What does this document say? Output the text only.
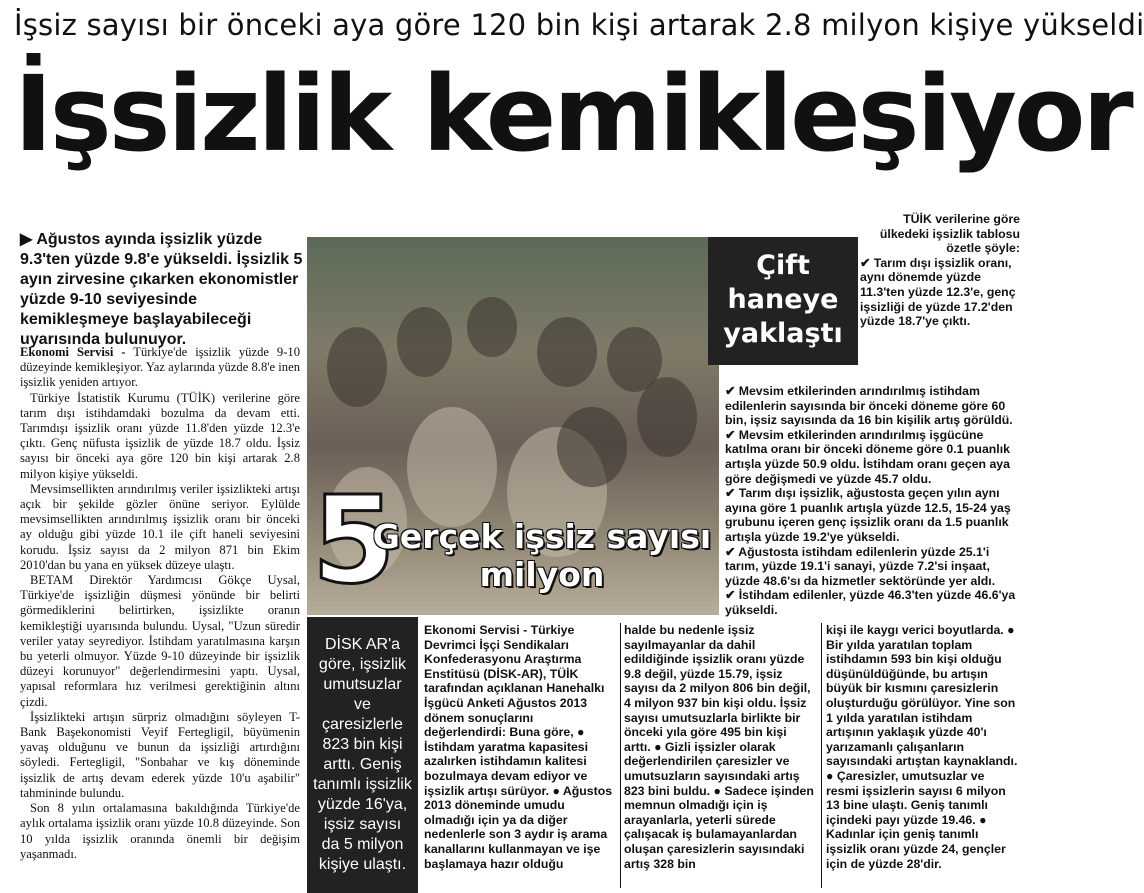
İşsiz sayısı bir önceki aya göre 120 bin kişi artarak 2.8 milyon kişiye yükseldi
İşsizlik kemikleşiyor
▶ Ağustos ayında işsizlik yüzde 9.3'ten yüzde 9.8'e yükseldi. İşsizlik 5 ayın zirvesine çıkarken ekonomistler yüzde 9-10 seviyesinde kemikleşmeye başlayabileceği uyarısında bulunuyor.

Ekonomi Servisi - Türkiye'de işsizlik yüzde 9-10 düzeyinde kemikleşiyor. Yaz aylarında yüzde 8.8'e inen işsizlik yeniden artıyor.

Türkiye İstatistik Kurumu (TÜİK) verilerine göre tarım dışı istihdamdaki bozulma da devam etti. Tarımdışı işsizlik oranı yüzde 11.8'den yüzde 12.3'e çıktı. Genç nüfusta işsizlik de yüzde 18.7 oldu. İşsiz sayısı bir önceki aya göre 120 bin kişi artarak 2.8 milyon kişiye yükseldi.

Mevsimsellikten arındırılmış veriler işsizlikteki artışı açık bir şekilde gözler önüne seriyor. Eylülde mevsimsellikten arındırılmış işsizlik oranı bir önceki ay olduğu gibi yüzde 10.1 ile çift haneli seviyesini korudu. İşsiz sayısı da 2 milyon 871 bin Ekim 2010'dan bu yana en yüksek düzeye ulaştı.

BETAM Direktör Yardımcısı Gökçe Uysal, Türkiye'de işsizliğin düşmesi yönünde bir belirti görmediklerini belirtirken, işsizlikte oranın kemikleştiği uyarısında bulundu. Uysal, "Uzun süredir veriler yatay seyrediyor. İstihdam yaratılmasına karşın bu yeterli olmuyor. Yüzde 9-10 düzeyinde bir işsizlik düzeyi korunuyor" değerlendirmesini yaptı. Uysal, yapısal reformlara hız verilmesi gerektiğinin altını çizdi.

İşsizlikteki artışın sürpriz olmadığını söyleyen T-Bank Başekonomisti Veyif Fertegligil, büyümenin yavaş olduğunu ve bunun da işsizliği artırdığını söyledi. Fertegligil, "Sonbahar ve kış döneminde işsizlik de artış devam ederek yüzde 10'u aşabilir" tahmininde bulundu.

Son 8 yılın ortalamasına bakıldığında Türkiye'de aylık ortalama işsizlik oranı yüzde 10.8 düzeyinde. Son 10 yılda işsizlik oranında önemli bir değişim yaşanmadı.

Çift haneye yaklaştı
5
Gerçek işsiz sayısı milyon

TÜİK verilerine göre ülkedeki işsizlik tablosu özetle şöyle:

✔ Tarım dışı işsizlik oranı, aynı dönemde yüzde 11.3'ten yüzde 12.3'e, genç işsizliği de yüzde 17.2'den yüzde 18.7'ye çıktı.

✔ Mevsim etkilerinden arındırılmış istihdam edilenlerin sayısında bir önceki döneme göre 60 bin, işsiz sayısında da 16 bin kişilik artış görüldü.

✔ Mevsim etkilerinden arındırılmış işgücüne katılma oranı bir önceki döneme göre 0.1 puanlık artışla yüzde 50.9 oldu. İstihdam oranı geçen aya göre değişmedi ve yüzde 45.7 oldu.

✔ Tarım dışı işsizlik, ağustosta geçen yılın aynı ayına göre 1 puanlık artışla yüzde 12.5, 15-24 yaş grubunu içeren genç işsizlik oranı da 1.5 puanlık artışla yüzde 19.2'ye yükseldi.

✔ Ağustosta istihdam edilenlerin yüzde 25.1'i tarım, yüzde 19.1'i sanayi, yüzde 7.2'si inşaat, yüzde 48.6'sı da hizmetler sektöründe yer aldı.

✔ İstihdam edilenler, yüzde 46.3'ten yüzde 46.6'ya yükseldi.

DİSK AR'a göre, işsizlik umutsuzlar ve çaresizlerle 823 bin kişi arttı. Geniş tanımlı işsizlik yüzde 16'ya, işsiz sayısı da 5 milyon kişiye ulaştı.
Ekonomi Servisi - Türkiye Devrimci İşçi Sendikaları Konfederasyonu Araştırma Enstitüsü (DİSK-AR), TÜİK tarafından açıklanan Hanehalkı İşgücü Anketi Ağustos 2013 dönem sonuçlarını değerlendirdi: Buna göre, ● İstihdam yaratma kapasitesi azalırken istihdamın kalitesi bozulmaya devam ediyor ve işsizlik artışı sürüyor. ● Ağustos 2013 döneminde umudu olmadığı için ya da diğer nedenlerle son 3 aydır iş arama kanallarını kullanmayan ve işe başlamaya hazır olduğu
halde bu nedenle işsiz sayılmayanlar da dahil edildiğinde işsizlik oranı yüzde 9.8 değil, yüzde 15.79, işsiz sayısı da 2 milyon 806 bin değil, 4 milyon 937 bin kişi oldu. İşsiz sayısı umutsuzlarla birlikte bir önceki yıla göre 495 bin kişi arttı. ● Gizli işsizler olarak değerlendirilen çaresizler ve umutsuzların sayısındaki artış 823 bini buldu. ● Sadece işinden memnun olmadığı için iş arayanlarla, yeterli sürede çalışacak iş bulamayanlardan oluşan çaresizlerin sayısındaki artış 328 bin
kişi ile kaygı verici boyutlarda. ● Bir yılda yaratılan toplam istihdamın 593 bin kişi olduğu düşünüldüğünde, bu artışın büyük bir kısmını çaresizlerin oluşturduğu görülüyor. Yine son 1 yılda yaratılan istihdam artışının yaklaşık yüzde 40'ı yarızamanlı çalışanların sayısındaki artıştan kaynaklandı. ● Çaresizler, umutsuzlar ve resmi işsizlerin sayısı 6 milyon 13 bine ulaştı. Geniş tanımlı içindeki payı yüzde 19.46. ● Kadınlar için geniş tanımlı işsizlik oranı yüzde 24, gençler için de yüzde 28'dir.
